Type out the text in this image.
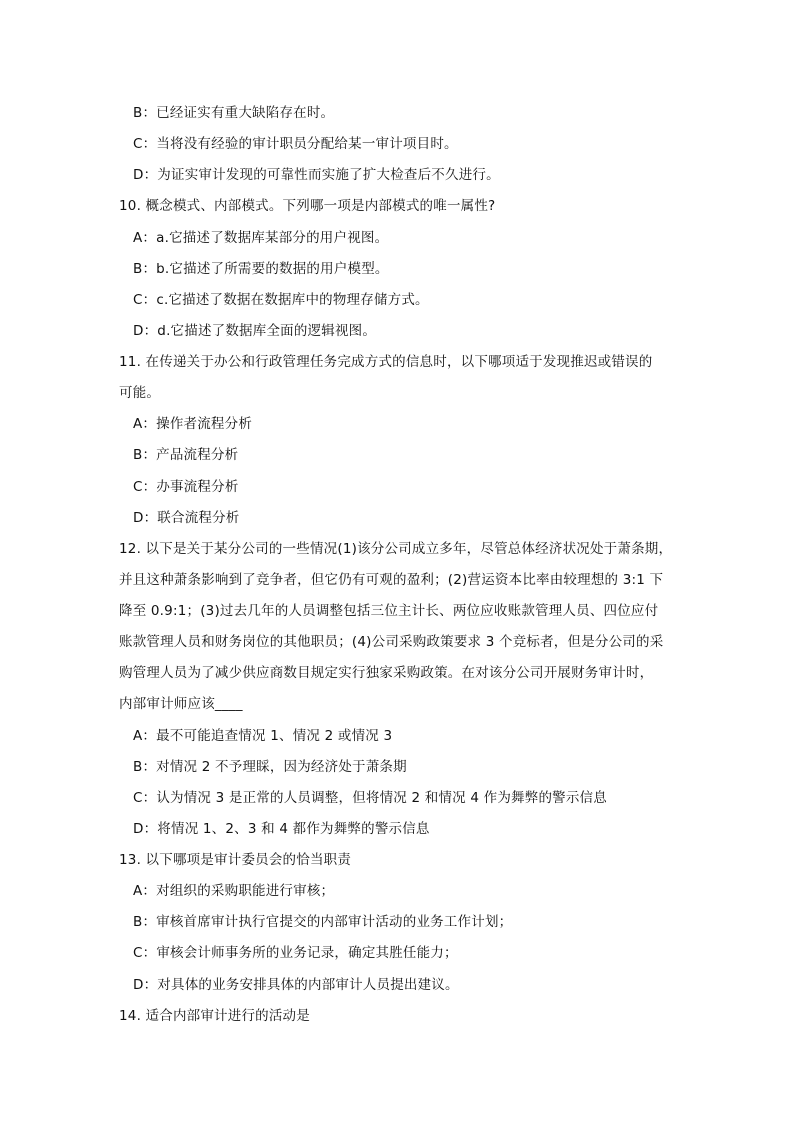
B：已经证实有重大缺陷存在时。
C：当将没有经验的审计职员分配给某一审计项目时。
D：为证实审计发现的可靠性而实施了扩大检查后不久进行。
10. 概念模式、内部模式。下列哪一项是内部模式的唯一属性?
A：a.它描述了数据库某部分的用户视图。
B：b.它描述了所需要的数据的用户模型。
C：c.它描述了数据在数据库中的物理存储方式。
D：d.它描述了数据库全面的逻辑视图。
11. 在传递关于办公和行政管理任务完成方式的信息时，以下哪项适于发现推迟或错误的
可能。
A：操作者流程分析
B：产品流程分析
C：办事流程分析
D：联合流程分析
12. 以下是关于某分公司的一些情况(1)该分公司成立多年，尽管总体经济状况处于萧条期，
并且这种萧条影响到了竞争者，但它仍有可观的盈利；(2)营运资本比率由较理想的 3:1 下
降至 0.9:1；(3)过去几年的人员调整包括三位主计长、两位应收账款管理人员、四位应付
账款管理人员和财务岗位的其他职员；(4)公司采购政策要求 3 个竞标者，但是分公司的采
购管理人员为了减少供应商数目规定实行独家采购政策。在对该分公司开展财务审计时，
内部审计师应该____
A：最不可能追查情况 1、情况 2 或情况 3
B：对情况 2 不予理睬，因为经济处于萧条期
C：认为情况 3 是正常的人员调整，但将情况 2 和情况 4 作为舞弊的警示信息
D：将情况 1、2、3 和 4 都作为舞弊的警示信息
13. 以下哪项是审计委员会的恰当职责
A：对组织的采购职能进行审核；
B：审核首席审计执行官提交的内部审计活动的业务工作计划；
C：审核会计师事务所的业务记录，确定其胜任能力；
D：对具体的业务安排具体的内部审计人员提出建议。
14. 适合内部审计进行的活动是
